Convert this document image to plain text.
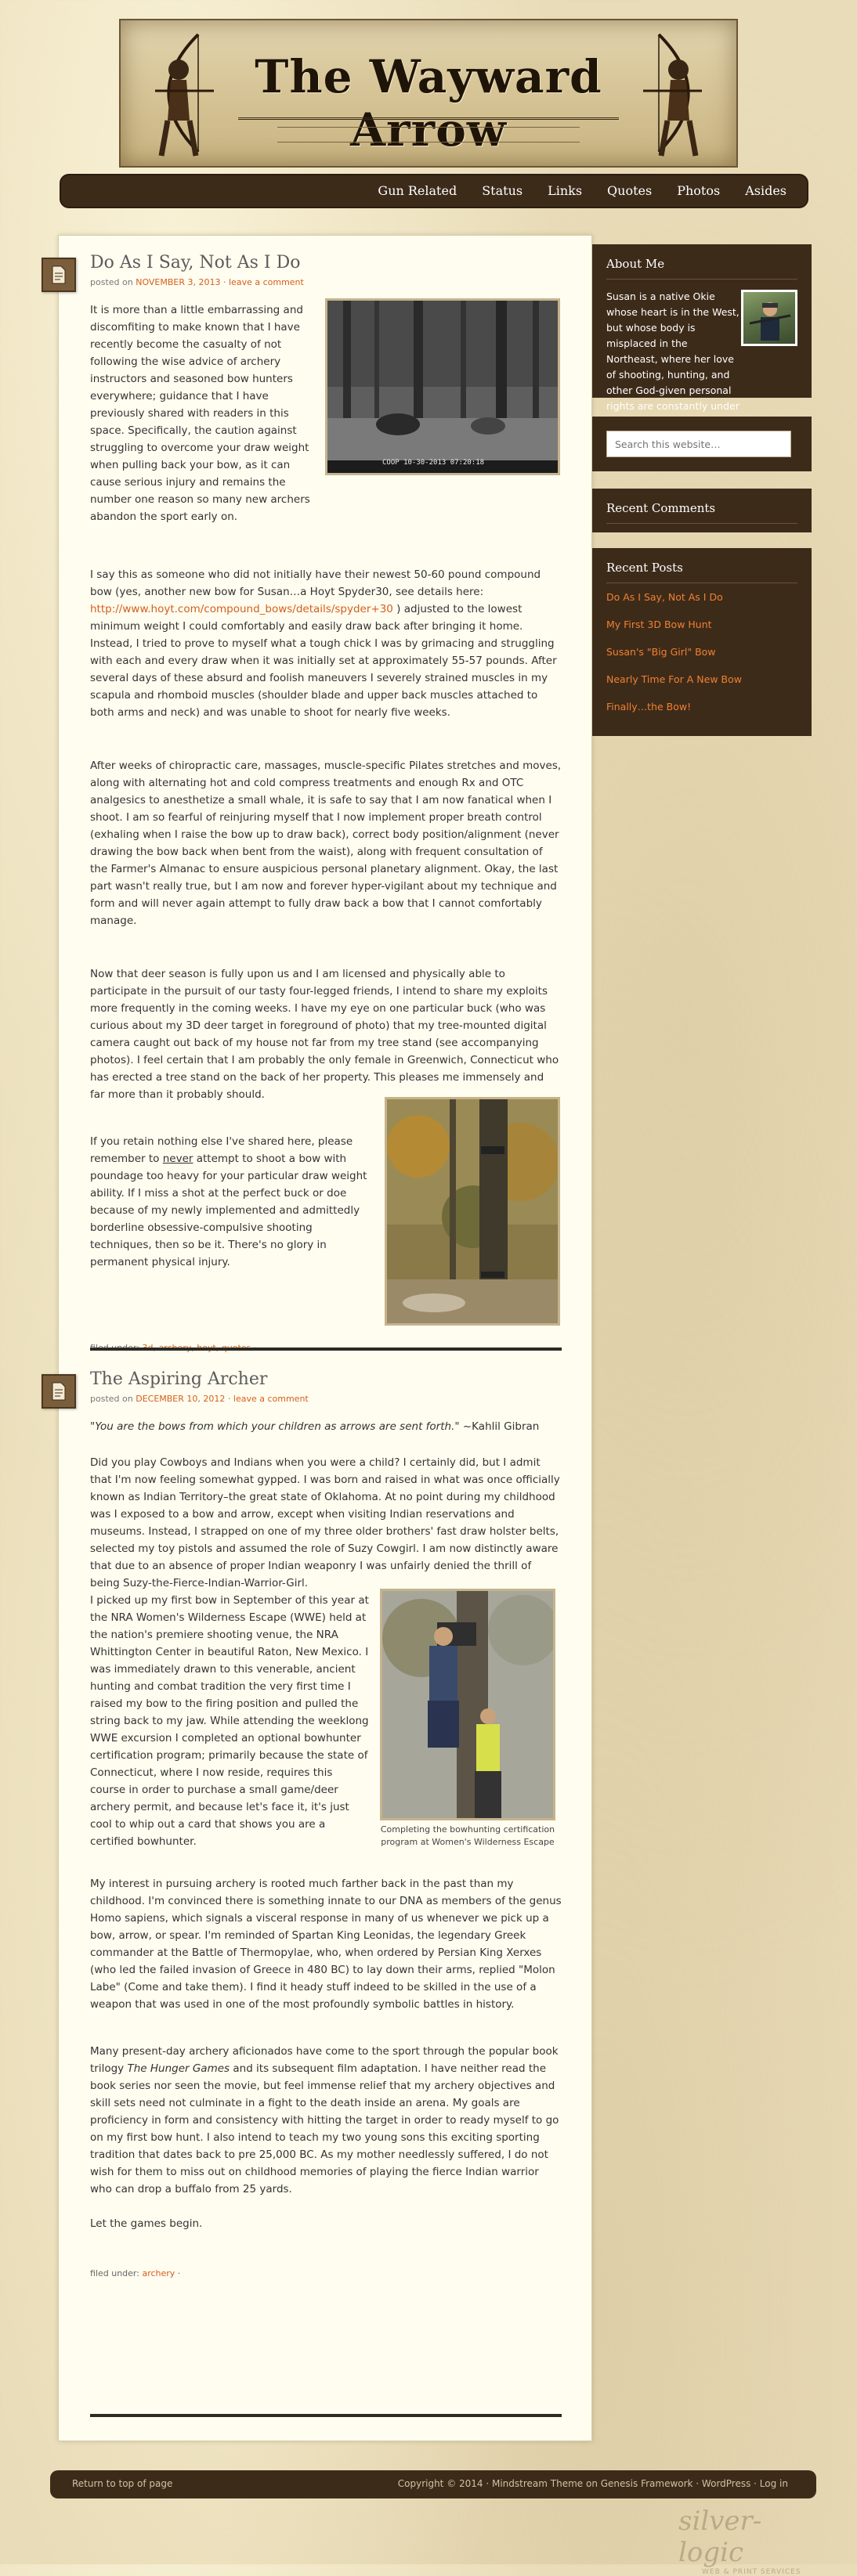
The Wayward Arrow
Gun Related	Status	Links	Quotes	Photos	Asides
Do As I Say, Not As I Do
posted on NOVEMBER 3, 2013 · leave a comment
COOP 10-30-2013 07:20:18
It is more than a little embarrassing and discomfiting to make known that I have recently become the casualty of not following the wise advice of archery instructors and seasoned bow hunters everywhere; guidance that I have previously shared with readers in this space. Specifically, the caution against struggling to overcome your draw weight when pulling back your bow, as it can cause serious injury and remains the number one reason so many new archers abandon the sport early on.
I say this as someone who did not initially have their newest 50-60 pound compound bow (yes, another new bow for Susan…a Hoyt Spyder30, see details here: http://www.hoyt.com/compound_bows/details/spyder+30 ) adjusted to the lowest minimum weight I could comfortably and easily draw back after bringing it home. Instead, I tried to prove to myself what a tough chick I was by grimacing and struggling with each and every draw when it was initially set at approximately 55-57 pounds. After several days of these absurd and foolish maneuvers I severely strained muscles in my scapula and rhomboid muscles (shoulder blade and upper back muscles attached to both arms and neck) and was unable to shoot for nearly five weeks.
After weeks of chiropractic care, massages, muscle-specific Pilates stretches and moves, along with alternating hot and cold compress treatments and enough Rx and OTC analgesics to anesthetize a small whale, it is safe to say that I am now fanatical when I shoot. I am so fearful of reinjuring myself that I now implement proper breath control (exhaling when I raise the bow up to draw back), correct body position/alignment (never drawing the bow back when bent from the waist), along with frequent consultation of the Farmer's Almanac to ensure auspicious personal planetary alignment. Okay, the last part wasn't really true, but I am now and forever hyper-vigilant about my technique and form and will never again attempt to fully draw back a bow that I cannot comfortably manage.
Now that deer season is fully upon us and I am licensed and physically able to participate in the pursuit of our tasty four-legged friends, I intend to share my exploits more frequently in the coming weeks. I have my eye on one particular buck (who was curious about my 3D deer target in foreground of photo) that my tree-mounted digital camera caught out back of my house not far from my tree stand (see accompanying photos). I feel certain that I am probably the only female in Greenwich, Connecticut who has erected a tree stand on the back of her property. This pleases me immensely and far more than it probably should.
If you retain nothing else I've shared here, please remember to never attempt to shoot a bow with poundage too heavy for your particular draw weight ability. If I miss a shot at the perfect buck or doe because of my newly implemented and admittedly borderline obsessive-compulsive shooting techniques, then so be it. There's no glory in permanent physical injury.
The Aspiring Archer
posted on DECEMBER 10, 2012 · leave a comment
"You are the bows from which your children as arrows are sent forth." ~Kahlil Gibran
Did you play Cowboys and Indians when you were a child? I certainly did, but I admit that I'm now feeling somewhat gypped. I was born and raised in what was once officially known as Indian Territory–the great state of Oklahoma. At no point during my childhood was I exposed to a bow and arrow, except when visiting Indian reservations and museums. Instead, I strapped on one of my three older brothers' fast draw holster belts, selected my toy pistols and assumed the role of Suzy Cowgirl. I am now distinctly aware that due to an absence of proper Indian weaponry I was unfairly denied the thrill of being Suzy-the-Fierce-Indian-Warrior-Girl.
Completing the bowhunting certification program at Women's Wilderness Escape
I picked up my first bow in September of this year at the NRA Women's Wilderness Escape (WWE) held at the nation's premiere shooting venue, the NRA Whittington Center in beautiful Raton, New Mexico. I was immediately drawn to this venerable, ancient hunting and combat tradition the very first time I raised my bow to the firing position and pulled the string back to my jaw. While attending the weeklong WWE excursion I completed an optional bowhunter certification program; primarily because the state of Connecticut, where I now reside, requires this course in order to purchase a small game/deer archery permit, and because let's face it, it's just cool to whip out a card that shows you are a certified bowhunter.
My interest in pursuing archery is rooted much farther back in the past than my childhood. I'm convinced there is something innate to our DNA as members of the genus Homo sapiens, which signals a visceral response in many of us whenever we pick up a bow, arrow, or spear. I'm reminded of Spartan King Leonidas, the legendary Greek commander at the Battle of Thermopylae, who, when ordered by Persian King Xerxes (who led the failed invasion of Greece in 480 BC) to lay down their arms, replied "Molon Labe" (Come and take them). I find it heady stuff indeed to be skilled in the use of a weapon that was used in one of the most profoundly symbolic battles in history.
Many present-day archery aficionados have come to the sport through the popular book trilogy The Hunger Games and its subsequent film adaptation. I have neither read the book series nor seen the movie, but feel immense relief that my archery objectives and skill sets need not culminate in a fight to the death inside an arena. My goals are proficiency in form and consistency with hitting the target in order to ready myself to go on my first bow hunt. I also intend to teach my two young sons this exciting sporting tradition that dates back to pre 25,000 BC. As my mother needlessly suffered, I do not wish for them to miss out on childhood memories of playing the fierce Indian warrior who can drop a buffalo from 25 yards.
Let the games begin.
filed under: archery ·
About Me
Susan is a native Okie whose heart is in the West, but whose body is misplaced in the Northeast, where her love of shooting, hunting, and other God-given personal rights are constantly under
Search this website…
Recent Comments
Recent Posts
Do As I Say, Not As I Do
My First 3D Bow Hunt
Susan's "Big Girl" Bow
Nearly Time For A New Bow
Finally…the Bow!
Return to top of page	Copyright © 2014 · Mindstream Theme on Genesis Framework · WordPress · Log in
silver-logic
WEB & PRINT SERVICES
